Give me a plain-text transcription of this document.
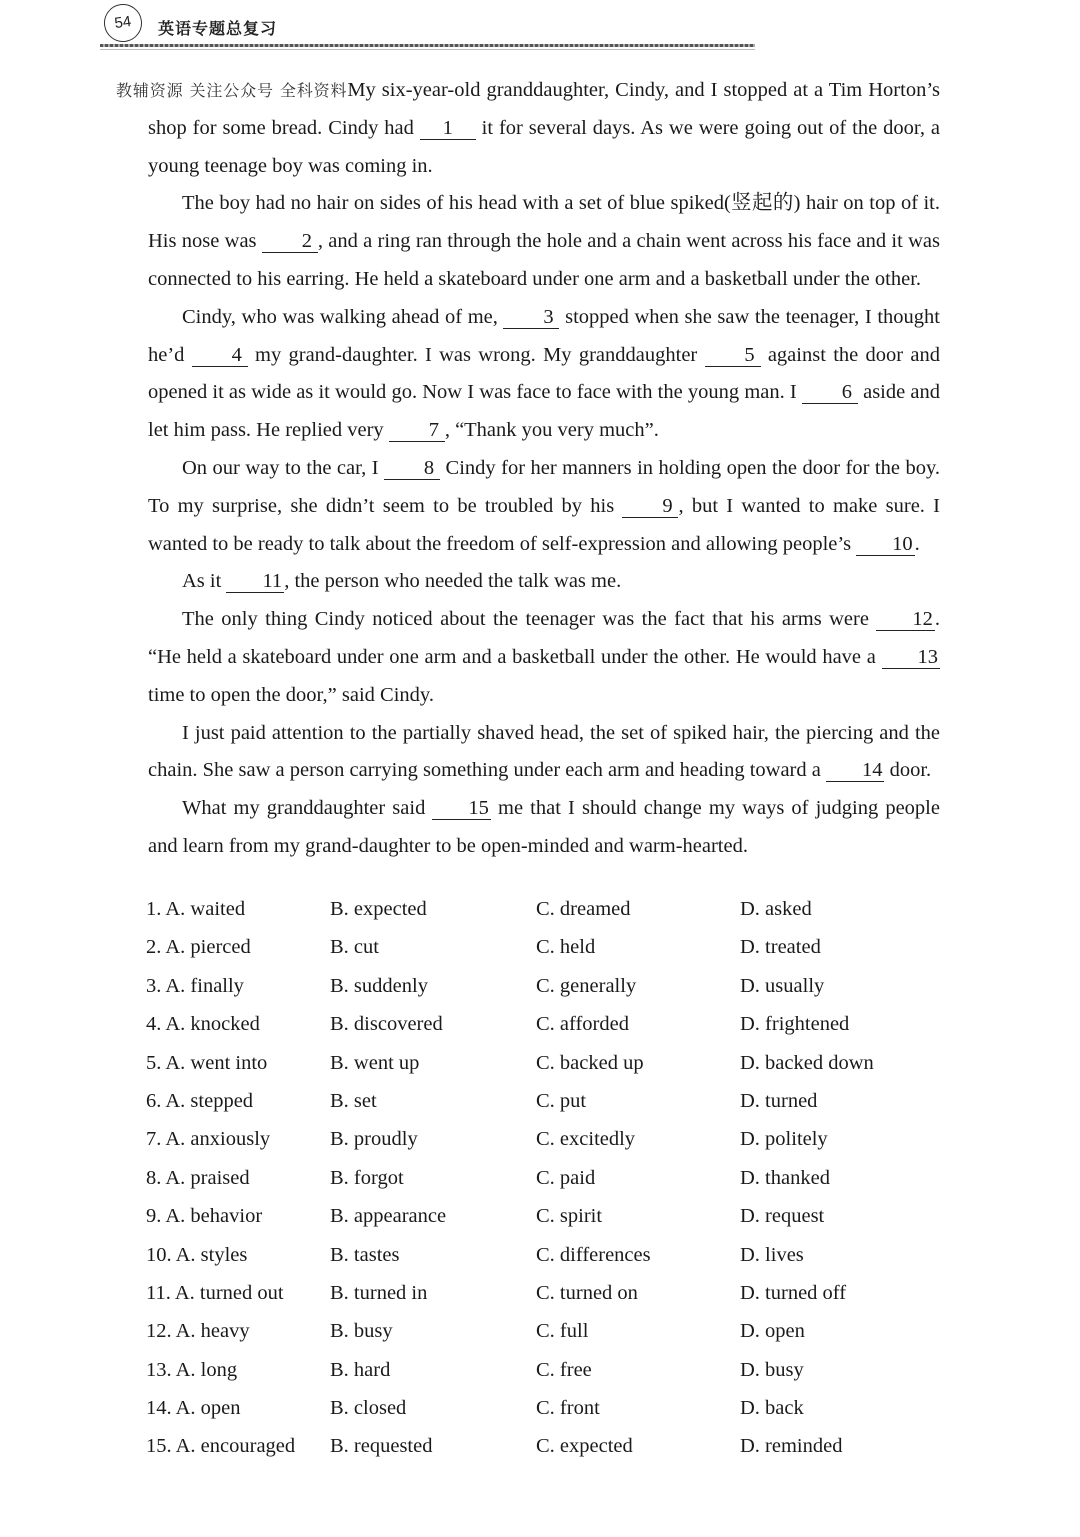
54	英语专题总复习

教辅资源 关注公众号 全科资料My six-year-old granddaughter, Cindy, and I stopped at a Tim Horton’s shop for some bread. Cindy had 1 it for several days. As we were going out of the door, a young teenage boy was coming in.

The boy had no hair on sides of his head with a set of blue spiked(竖起的) hair on top of it. His nose was 2 , and a ring ran through the hole and a chain went across his face and it was connected to his earring. He held a skateboard under one arm and a basketball under the other.

Cindy, who was walking ahead of me, 3 stopped when she saw the teenager, I thought he’d 4 my grand-daughter. I was wrong. My granddaughter 5 against the door and opened it as wide as it would go. Now I was face to face with the young man. I 6 aside and let him pass. He replied very 7 , “Thank you very much”.

On our way to the car, I 8 Cindy for her manners in holding open the door for the boy. To my surprise, she didn’t seem to be troubled by his 9 , but I wanted to make sure. I wanted to be ready to talk about the freedom of self-expression and allowing people’s 10.

As it 11, the person who needed the talk was me.

The only thing Cindy noticed about the teenager was the fact that his arms were 12. “He held a skateboard under one arm and a basketball under the other. He would have a 13 time to open the door,” said Cindy.

I just paid attention to the partially shaved head, the set of spiked hair, the piercing and the chain. She saw a person carrying something under each arm and heading toward a 14 door.

What my granddaughter said 15 me that I should change my ways of judging people and learn from my grand-daughter to be open-minded and warm-hearted.

1. A. waited	B. expected	C. dreamed	D. asked
2. A. pierced	B. cut	C. held	D. treated
3. A. finally	B. suddenly	C. generally	D. usually
4. A. knocked	B. discovered	C. afforded	D. frightened
5. A. went into	B. went up	C. backed up	D. backed down
6. A. stepped	B. set	C. put	D. turned
7. A. anxiously	B. proudly	C. excitedly	D. politely
8. A. praised	B. forgot	C. paid	D. thanked
9. A. behavior	B. appearance	C. spirit	D. request
10. A. styles	B. tastes	C. differences	D. lives
11. A. turned out B. turned in	C. turned on	D. turned off
12. A. heavy	B. busy	C. full	D. open
13. A. long	B. hard	C. free	D. busy
14. A. open	B. closed	C. front	D. back
15. A. encouraged B. requested	C. expected	D. reminded
